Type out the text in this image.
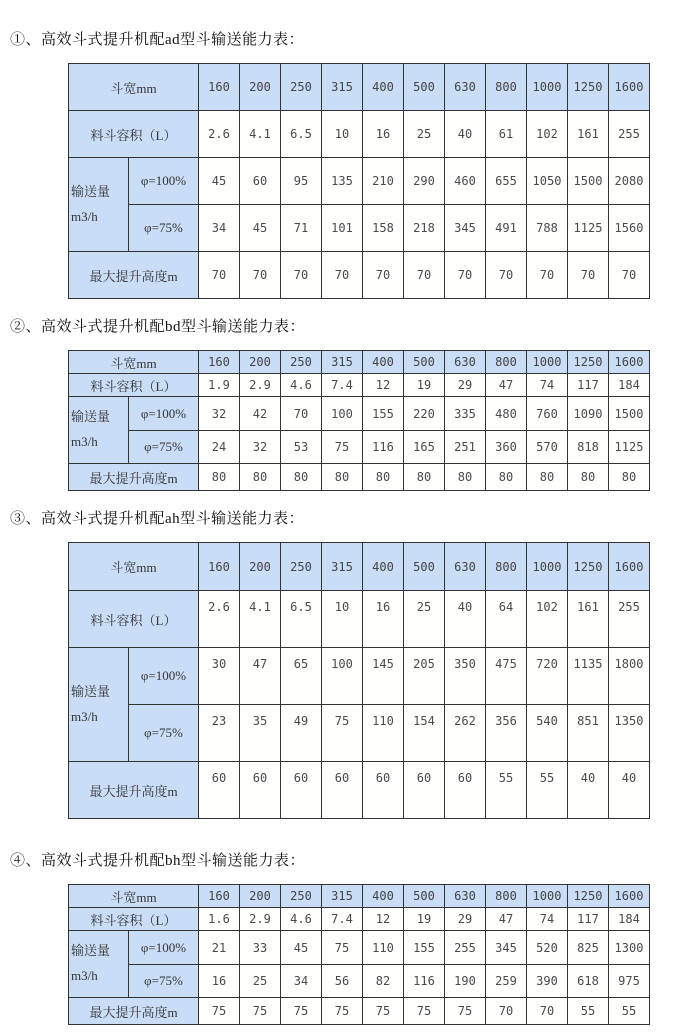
①、高效斗式提升机配ad型斗输送能力表：
斗宽mm		160	200	250	315	400	500	630	800	1000	1250	1600
料斗容积（L）		2.6	4.1	6.5	10	16	25	40	61	102	161	255

输送量
m3/h	φ=100%	45	60	95	135	210	290	460	655	1050	1500	2080
	φ=75%	34	45	71	101	158	218	345	491	788	1125	1560
最大提升高度m		70	70	70	70	70	70	70	70	70	70	70
②、高效斗式提升机配bd型斗输送能力表：
斗宽mm		160	200	250	315	400	500	630	800	1000	1250	1600
料斗容积（L）		1.9	2.9	4.6	7.4	12	19	29	47	74	117	184

输送量
m3/h	φ=100%	32	42	70	100	155	220	335	480	760	1090	1500
	φ=75%	24	32	53	75	116	165	251	360	570	818	1125
最大提升高度m		80	80	80	80	80	80	80	80	80	80	80
③、高效斗式提升机配ah型斗输送能力表：
斗宽mm		160	200	250	315	400	500	630	800	1000	1250	1600
料斗容积（L）		2.6	4.1	6.5	10	16	25	40	64	102	161	255

输送量
m3/h	φ=100%	30	47	65	100	145	205	350	475	720	1135	1800
	φ=75%	23	35	49	75	110	154	262	356	540	851	1350
最大提升高度m		60	60	60	60	60	60	60	55	55	40	40
④、高效斗式提升机配bh型斗输送能力表：
斗宽mm		160	200	250	315	400	500	630	800	1000	1250	1600
料斗容积（L）		1.6	2.9	4.6	7.4	12	19	29	47	74	117	184

输送量
m3/h	φ=100%	21	33	45	75	110	155	255	345	520	825	1300
	φ=75%	16	25	34	56	82	116	190	259	390	618	975
最大提升高度m		75	75	75	75	75	75	75	70	70	55	55
